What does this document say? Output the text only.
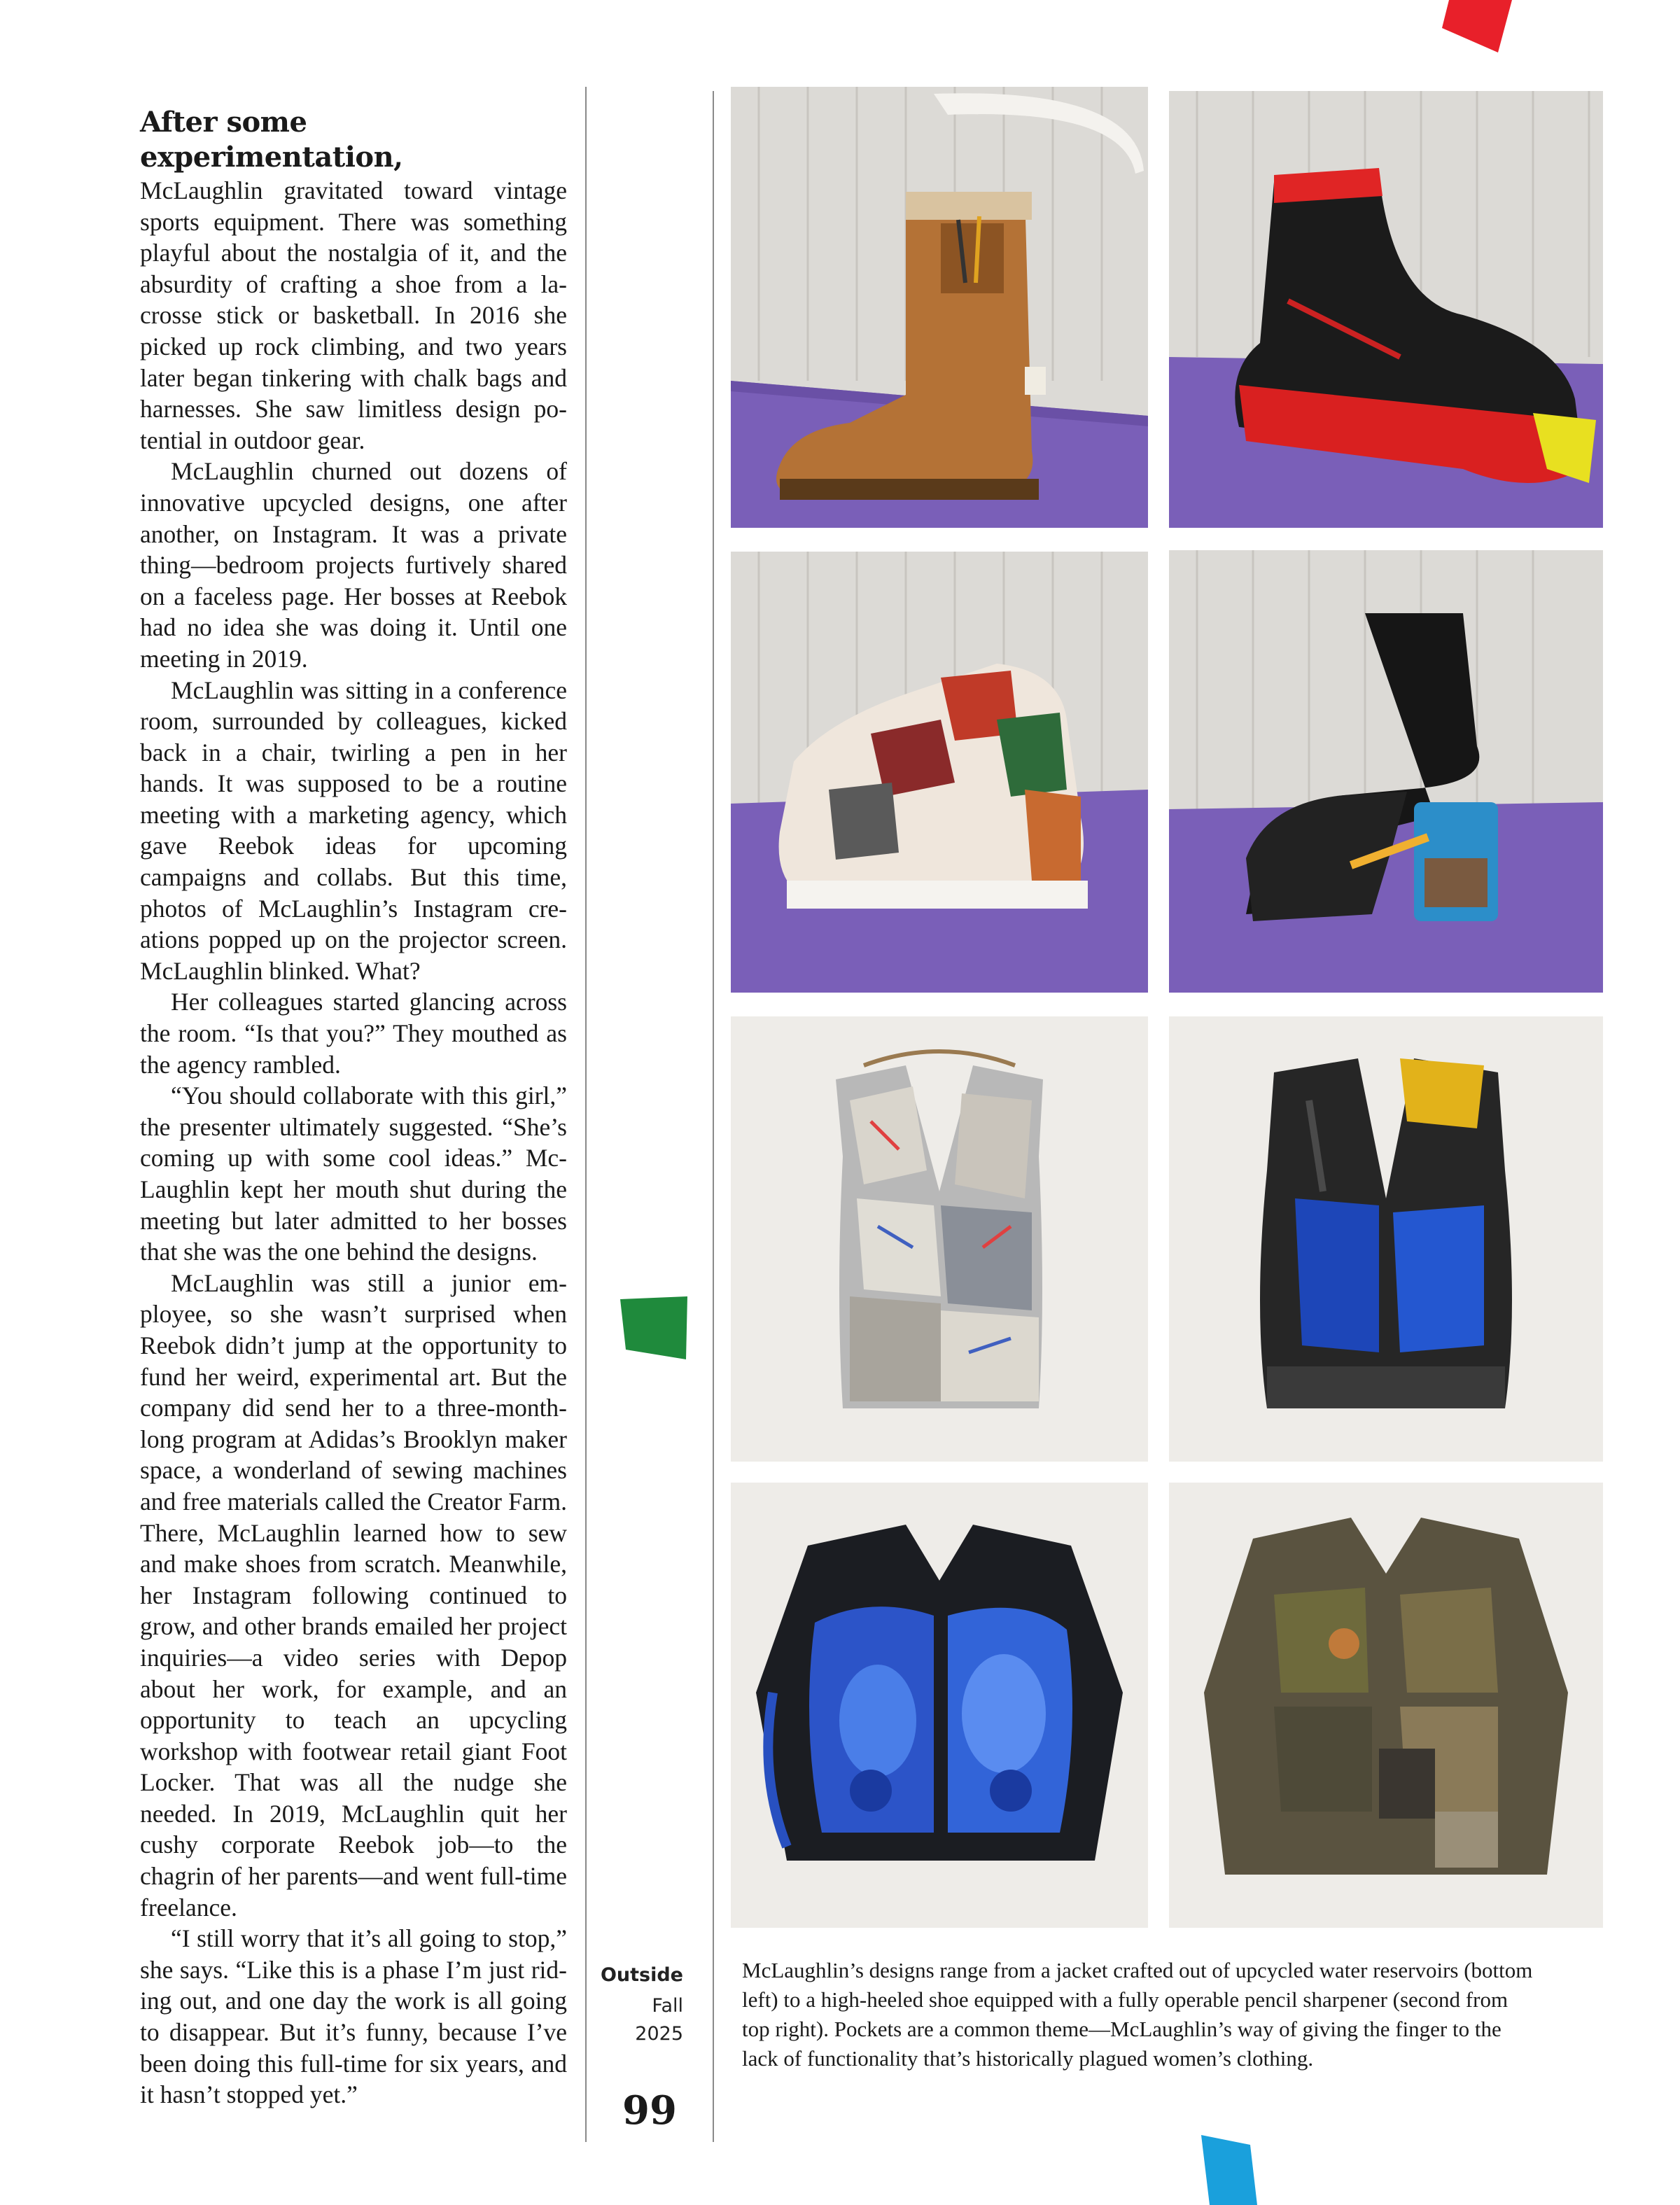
After some experimentation,
McLaughlin gravitated toward vintage sports equipment. There was something playful about the nostalgia of it, and the absurdity of crafting a shoe from a lacrosse stick or basketball. In 2016 she picked up rock climbing, and two years later began tinkering with chalk bags and harnesses. She saw limitless design potential in outdoor gear.

McLaughlin churned out dozens of innovative upcycled designs, one after another, on Instagram. It was a private thing—bedroom projects furtively shared on a faceless page. Her bosses at Reebok had no idea she was doing it. Until one meeting in 2019.

McLaughlin was sitting in a conference room, surrounded by colleagues, kicked back in a chair, twirling a pen in her hands. It was supposed to be a routine meeting with a marketing agency, which gave Reebok ideas for upcoming campaigns and collabs. But this time, photos of McLaughlin’s Instagram creations popped up on the projector screen. McLaughlin blinked. What?

Her colleagues started glancing across the room. “Is that you?” They mouthed as the agency rambled.

“You should collaborate with this girl,” the presenter ultimately suggested. “She’s coming up with some cool ideas.” McLaughlin kept her mouth shut during the meeting but later admitted to her bosses that she was the one behind the designs.

McLaughlin was still a junior employee, so she wasn’t surprised when Reebok didn’t jump at the opportunity to fund her weird, experimental art. But the company did send her to a three-month-long program at Adidas’s Brooklyn maker space, a wonderland of sewing machines and free materials called the Creator Farm. There, McLaughlin learned how to sew and make shoes from scratch. Meanwhile, her Instagram following continued to grow, and other brands emailed her project inquiries—a video series with Depop about her work, for example, and an opportunity to teach an upcycling workshop with footwear retail giant Foot Locker. That was all the nudge she needed. In 2019, McLaughlin quit her cushy corporate Reebok job—to the chagrin of her parents—and went full-time freelance.

“I still worry that it’s all going to stop,” she says. “Like this is a phase I’m just riding out, and one day the work is all going to disappear. But it’s funny, because I’ve been doing this full-time for six years, and it hasn’t stopped yet.”

Outside
Fall
2025
99
McLaughlin’s designs range from a jacket crafted out of upcycled water reservoirs (bottom left) to a high-heeled shoe equipped with a fully operable pencil sharpener (second from top right). Pockets are a common theme—McLaughlin’s way of giving the finger to the lack of functionality that’s historically plagued women’s clothing.
